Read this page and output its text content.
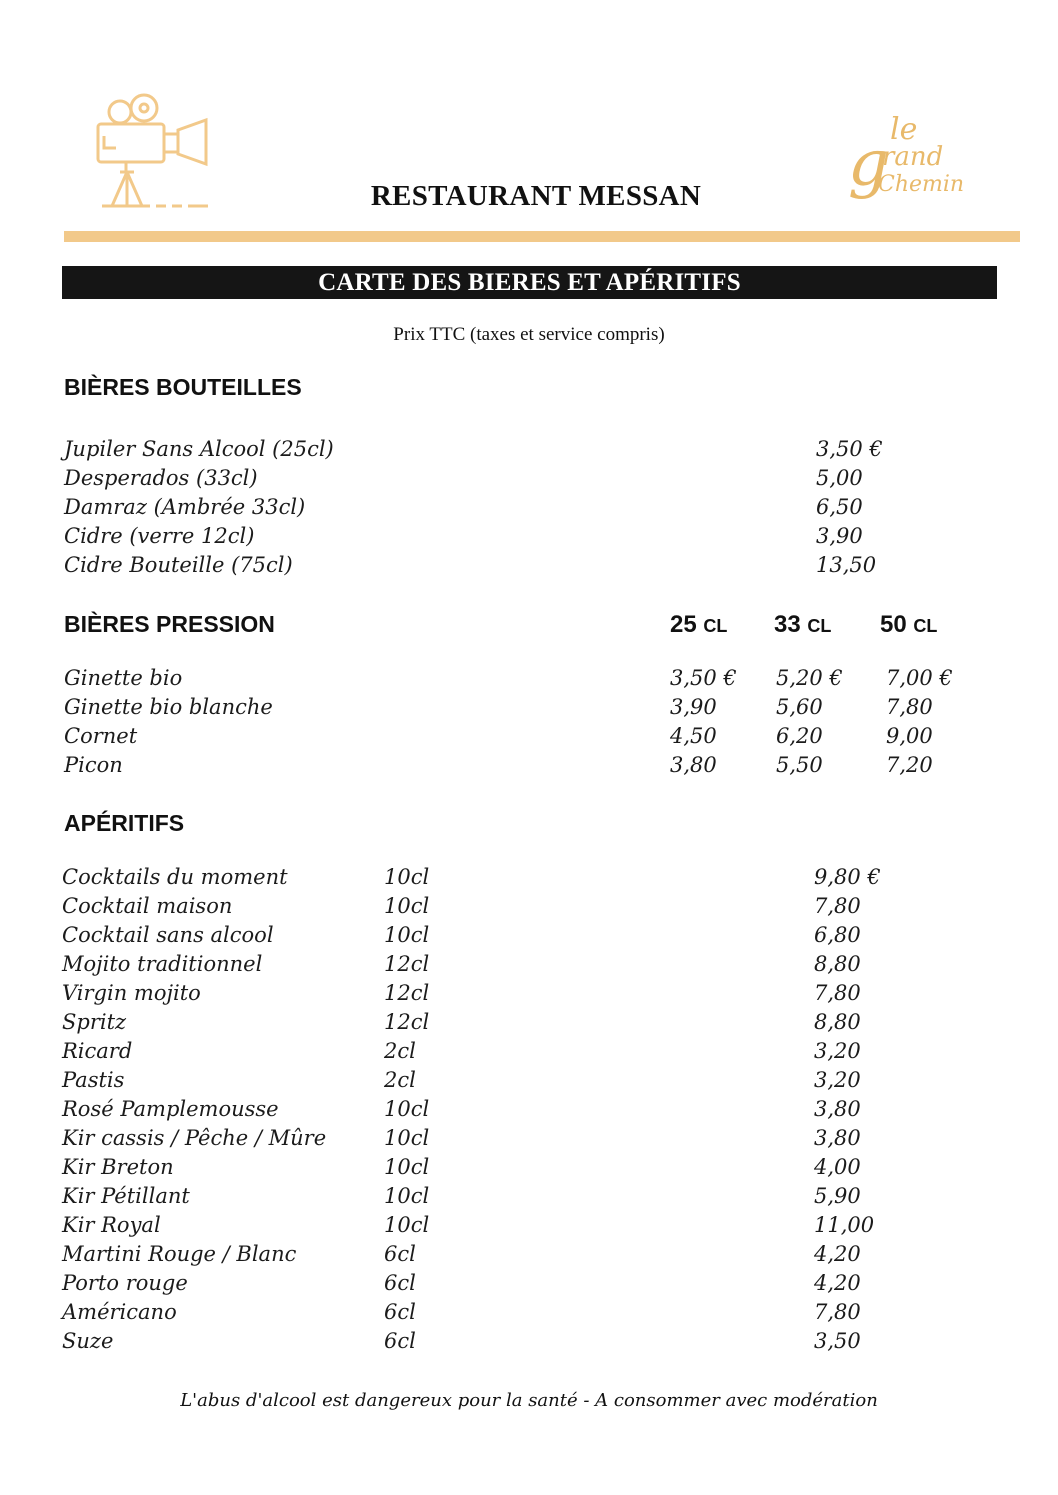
le
g
rand
Chemin
RESTAURANT MESSAN
CARTE DES BIERES ET APÉRITIFS
Prix TTC (taxes et service compris)
BIÈRES BOUTEILLES
Jupiler Sans Alcool (25cl)	3,50 €
Desperados (33cl)	5,00
Damraz (Ambrée 33cl)	6,50
Cidre (verre 12cl)	3,90
Cidre Bouteille (75cl)	13,50
BIÈRES PRESSION	25 CL 33 CL 50 CL
Ginette bio	3,50 € 5,20 € 7,00 €
Ginette bio blanche	3,90	5,60	7,80
Cornet	4,50	6,20	9,00
Picon	3,80	5,50	7,20
APÉRITIFS
Cocktails du moment	10cl	9,80 €
Cocktail maison	10cl	7,80
Cocktail sans alcool	10cl	6,80
Mojito traditionnel	12cl	8,80
Virgin mojito	12cl	7,80
Spritz	12cl	8,80
Ricard	2cl	3,20
Pastis	2cl	3,20
Rosé Pamplemousse	10cl	3,80
Kir cassis / Pêche / Mûre	10cl	3,80
Kir Breton	10cl	4,00
Kir Pétillant	10cl	5,90
Kir Royal	10cl	11,00
Martini Rouge / Blanc	6cl	4,20
Porto rouge	6cl	4,20
Américano	6cl	7,80
Suze	6cl	3,50
L'abus d'alcool est dangereux pour la santé - A consommer avec modération
